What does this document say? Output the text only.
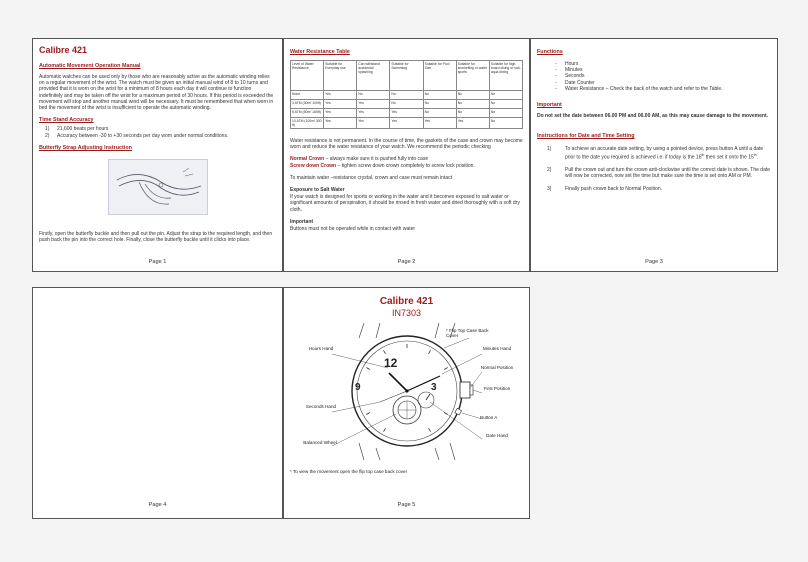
Calibre 421
Automatic Movement Operation Manual
Automatic watches can be used only by those who are reasonably active as the automatic winding relies on a regular movement of the wrist. The watch must be given an initial manual wind of 8 to 10 turns and provided that it is worn on the wrist for a minimum of 8 hours each day it will continue to function indefinitely and may be taken off the wrist for a maximum period of 30 hours. If this period is exceeded the movement will stop and another manual wind will be necessary. It must be remembered that when worn in bed the movement of the wrist is insufficient to operate the automatic winding.
Time Stand Accuracy
1)	21,600 beats per hours
2)	Accuracy between -30 to +30 seconds per day worn under normal conditions.
Butterfly Strap Adjusting Instruction
Firstly, open the butterfly buckle and then pull out the pin. Adjust the strap to the required length, and then push back the pin into the correct hole. Finally, close the butterfly buckle until it clicks into place.
Page 1
Water Resistance Table
Level of Water Resistance	Suitable for Everyday use	Can withstand accidental splashing	Suitable for Swimming	Suitable for Pool Size	Suitable for snorkelling or water sports	Suitable for high board diving or sub-aqua diving
None	Yes	No	No	No	No	No
3 ATM (30m/ 100ft)	Yes	Yes	No	No	No	No
5 ATM (50m/ 165ft)	Yes	Yes	Yes	No	No	No
10 ATM (100m/ 300 ft)	Yes	Yes	Yes	Yes	Yes	No
Water resistance is not permanent. In the course of time, the gaskets of the case and crown may become worn and reduce the water resistance of your watch. We recommend the periodic checking
Normal Crown – always make sure it is pushed fully into case
Screw down Crown – tighten screw down crown completely to screw lock position.
To maintain water –resistance crystal, crown and case must remain intact
Exposure to Salt Water
If your watch is designed for sports or working in the water and it becomes exposed to salt water or significant amounts of perspiration, it should be rinsed in fresh water and dried thoroughly with a soft dry cloth.
Important
Buttons must not be operated while in contact with water
Page 2
Functions
- Hours
- Minutes
- Seconds
- Date Counter
- Water Resistance – Check the back of the watch and refer to the Table.
Important
Do not set the date between 06.00 PM and 06.00 AM, as this may cause damage to the movement.
Instructions for Date and Time Setting
1)	To achieve an accurate date setting, by using a pointed device, press button A until a date prior to the date you required is achieved i.e. if today is the 16th then set it onto the 15th.
2)	Pull the crown out and turn the crown anti-clockwise until the correct date is shown. The date will now be corrected, now set the time but make sure the time is set onto AM or PM.
3)	Finally push crown back to Normal Position.
Page 3
Page 4
Calibre 421
IN7303
12
9	3
* Flip Top Case Back Cover
Hours Hand	Minutes Hand
Normal Position
First Position
Seconds Hand
Button A
Date Hand
Balanced Wheel
* To view the movement open the flip top case back cover
Page 5
